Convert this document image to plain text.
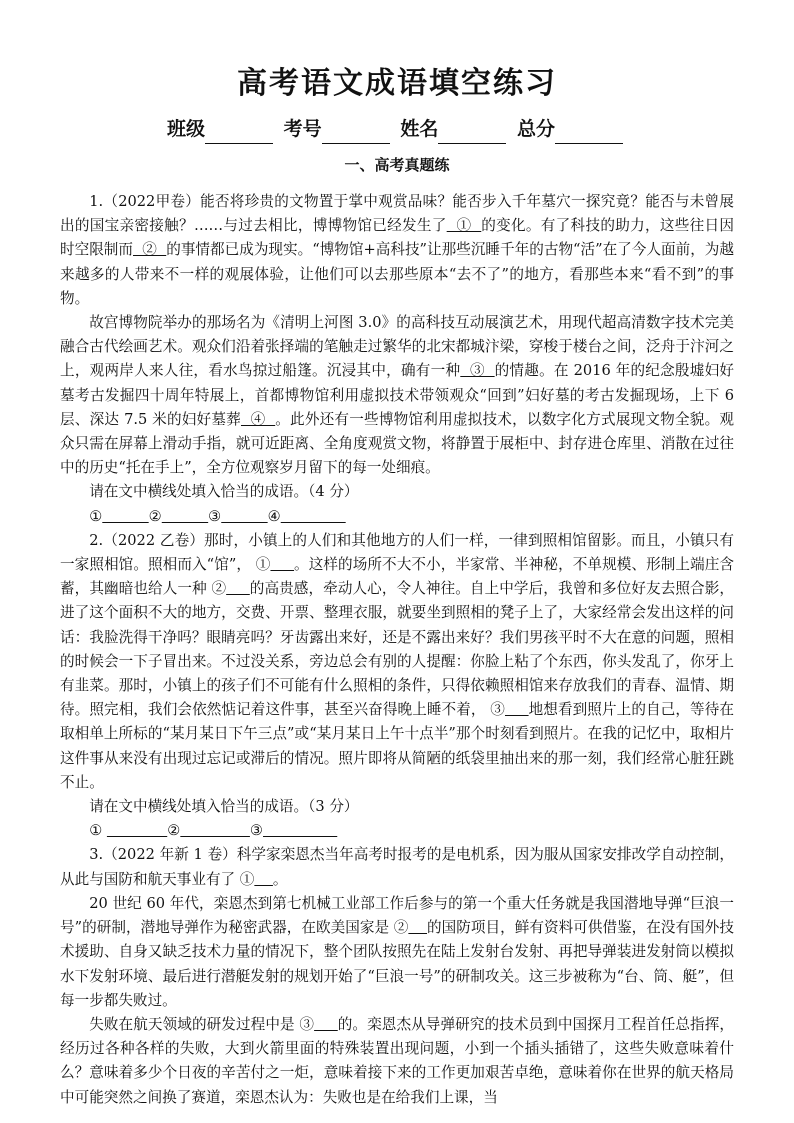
高考语文成语填空练习
班级	考号	姓名	总分
一、高考真题练

1.（2022甲卷）能否将珍贵的文物置于掌中观赏品味？能否步入千年墓穴一探究竟？能否与未曾展出的国宝亲密接触？……与过去相比，博博物馆已经发生了  ①  的变化。有了科技的助力，这些往日因时空限制而  ②  的事情都已成为现实。“博物馆+高科技”让那些沉睡千年的古物“活”在了今人面前，为越来越多的人带来不一样的观展体验，让他们可以去那些原本“去不了”的地方，看那些本来“看不到”的事物。

故宫博物院举办的那场名为《清明上河图 3.0》的高科技互动展演艺术，用现代超高清数字技术完美融合古代绘画艺术。观众们沿着张择端的笔触走过繁华的北宋都城汴梁，穿梭于楼台之间，泛舟于汴河之上，观两岸人来人往，看水鸟掠过船篷。沉浸其中，确有一种  ③  的情趣。在 2016 年的纪念殷墟妇好墓考古发掘四十周年特展上，首都博物馆利用虚拟技术带领观众“回到”妇好墓的考古发掘现场，上下 6 层、深达 7.5 米的妇好墓葬  ④  。此外还有一些博物馆利用虚拟技术，以数字化方式展现文物全貌。观众只需在屏幕上滑动手指，就可近距离、全角度观赏文物，将静置于展柜中、封存进仓库里、消散在过往中的历史“托在手上”，全方位观察岁月留下的每一处细痕。

请在文中横线处填入恰当的成语。（4 分）

①	②	③	④

2.（2022 乙卷）那时，小镇上的人们和其他地方的人们一样，一律到照相馆留影。而且，小镇只有一家照相馆。照相而入“馆”， ① 。这样的场所不大不小，半家常、半神秘，不单规模、形制上端庄含蓄，其幽暗也给人一种 ② 的高贵感，牵动人心，令人神往。自上中学后，我曾和多位好友去照合影，进了这个面积不大的地方，交费、开票、整理衣服，就要坐到照相的凳子上了，大家经常会发出这样的问话：我脸洗得干净吗？眼睛亮吗？牙齿露出来好，还是不露出来好？我们男孩平时不大在意的问题，照相的时候会一下子冒出来。不过没关系，旁边总会有别的人提醒：你脸上粘了个东西，你头发乱了，你牙上有韭菜。那时，小镇上的孩子们不可能有什么照相的条件，只得依赖照相馆来存放我们的青春、温情、期待。照完相，我们会依然惦记着这件事，甚至兴奋得晚上睡不着， ③ 地想看到照片上的自己，等待在取相单上所标的“某月某日下午三点”或“某月某日上午十点半”那个时刻看到照片。在我的记忆中，取相片这件事从来没有出现过忘记或滞后的情况。照片即将从简陋的纸袋里抽出来的那一刻，我们经常心脏狂跳不止。

请在文中横线处填入恰当的成语。（3 分）

①	②	③

3.（2022 年新 1 卷）科学家栾恩杰当年高考时报考的是电机系，因为服从国家安排改学自动控制，从此与国防和航天事业有了 ① 。

20 世纪 60 年代，栾恩杰到第七机械工业部工作后参与的第一个重大任务就是我国潜地导弹“巨浪一号”的研制，潜地导弹作为秘密武器，在欧美国家是 ② 的国防项目，鲜有资料可供借鉴，在没有国外技术援助、自身又缺乏技术力量的情况下，整个团队按照先在陆上发射台发射、再把导弹装进发射筒以模拟水下发射环境、最后进行潜艇发射的规划开始了“巨浪一号”的研制攻关。这三步被称为“台、筒、艇”，但每一步都失败过。

失败在航天领域的研发过程中是 ③ 的。栾恩杰从导弹研究的技术员到中国探月工程首任总指挥，经历过各种各样的失败，大到火箭里面的特殊装置出现问题，小到一个插头插错了，这些失败意味着什么？意味着多少个日夜的辛苦付之一炬，意味着接下来的工作更加艰苦卓绝，意味着你在世界的航天格局中可能突然之间换了赛道，栾恩杰认为：失败也是在给我们上课，当
